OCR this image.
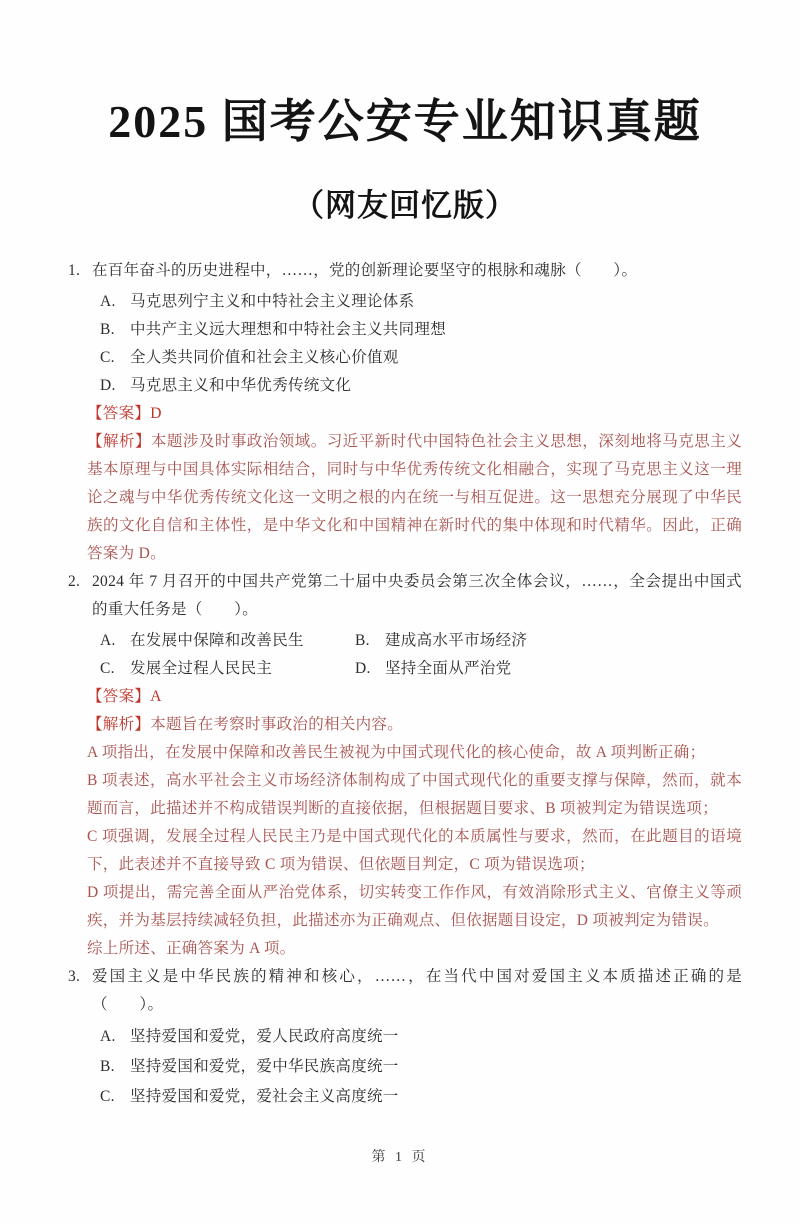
2025 国考公安专业知识真题
（网友回忆版）

1. 在百年奋斗的历史进程中，……，党的创新理论要坚守的根脉和魂脉（　　）。

A. 马克思列宁主义和中特社会主义理论体系
B. 中共产主义远大理想和中特社会主义共同理想
C. 全人类共同价值和社会主义核心价值观
D. 马克思主义和中华优秀传统文化

【答案】D

【解析】本题涉及时事政治领域。习近平新时代中国特色社会主义思想，深刻地将马克思主义基本原理与中国具体实际相结合，同时与中华优秀传统文化相融合，实现了马克思主义这一理论之魂与中华优秀传统文化这一文明之根的内在统一与相互促进。这一思想充分展现了中华民族的文化自信和主体性，是中华文化和中国精神在新时代的集中体现和时代精华。因此，正确答案为 D。

2. 2024 年 7 月召开的中国共产党第二十届中央委员会第三次全体会议，……，全会提出中国式的重大任务是（　　）。

A. 在发展中保障和改善民生	B. 建成高水平市场经济
C. 发展全过程人民民主	D. 坚持全面从严治党

【答案】A

【解析】本题旨在考察时事政治的相关内容。

A 项指出，在发展中保障和改善民生被视为中国式现代化的核心使命，故 A 项判断正确；

B 项表述，高水平社会主义市场经济体制构成了中国式现代化的重要支撑与保障，然而，就本题而言，此描述并不构成错误判断的直接依据，但根据题目要求、B 项被判定为错误选项；

C 项强调，发展全过程人民民主乃是中国式现代化的本质属性与要求，然而，在此题目的语境下，此表述并不直接导致 C 项为错误、但依题目判定，C 项为错误选项；

D 项提出，需完善全面从严治党体系，切实转变工作作风，有效消除形式主义、官僚主义等顽疾，并为基层持续减轻负担，此描述亦为正确观点、但依据题目设定，D 项被判定为错误。

综上所述、正确答案为 A 项。

3. 爱国主义是中华民族的精神和核心，……，在当代中国对爱国主义本质描述正确的是（　　）。

A. 坚持爱国和爱党，爱人民政府高度统一
B. 坚持爱国和爱党，爱中华民族高度统一
C. 坚持爱国和爱党，爱社会主义高度统一
第 1 页
